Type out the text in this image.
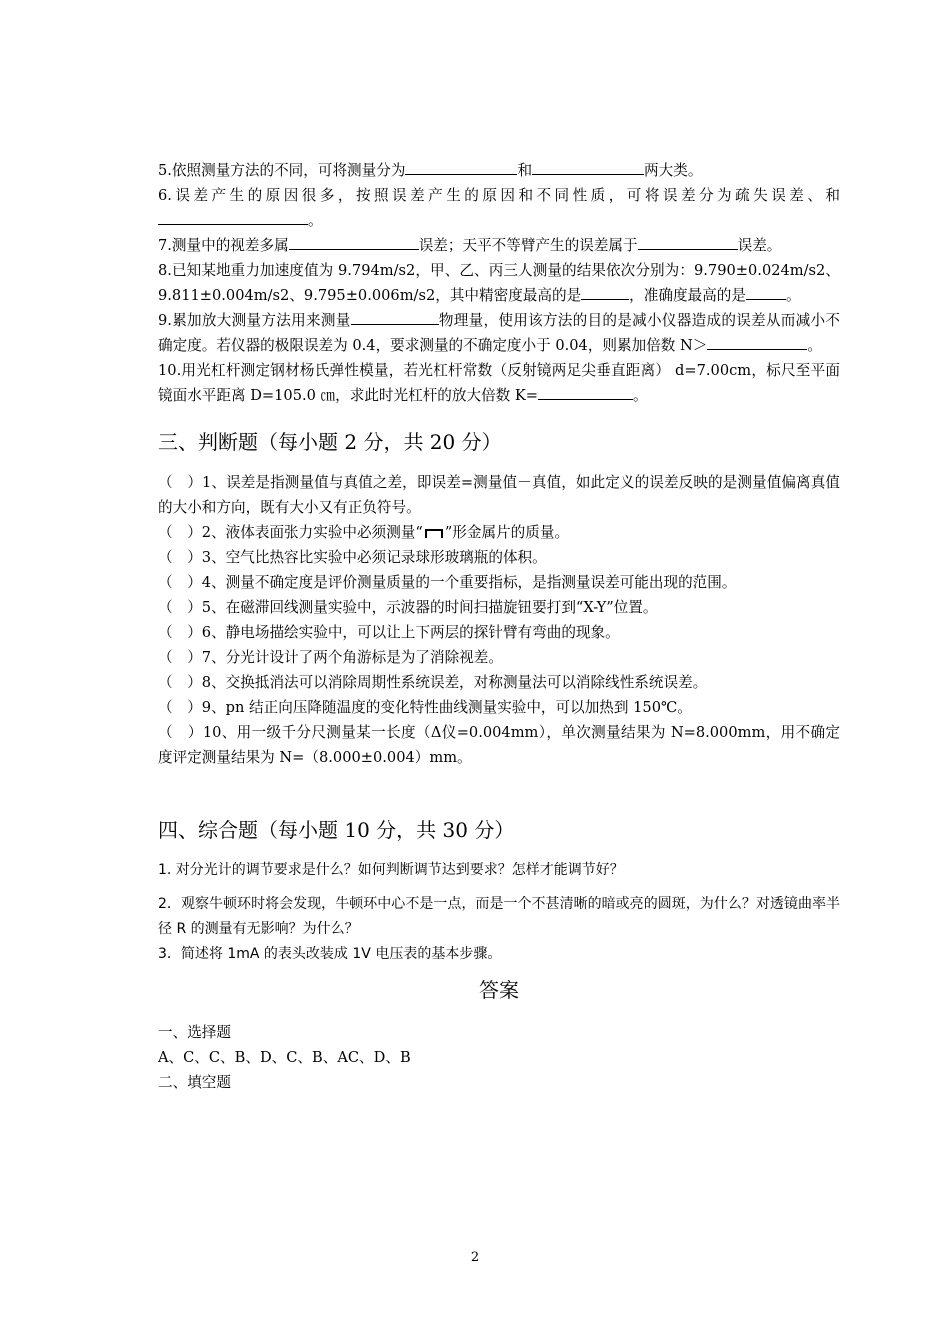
5.依照测量方法的不同，可将测量分为	和	两大类。

6.误差产生的原因很多，按照误差产生的原因和不同性质，可将误差分为疏失误差、和。

7.测量中的视差多属	误差；天平不等臂产生的误差属于	误差。

8.已知某地重力加速度值为 9.794m/s2，甲、乙、丙三人测量的结果依次分别为：9.790±0.024m/s2、9.811±0.004m/s2、9.795±0.006m/s2，其中精密度最高的是	，准确度最高的是	。

9.累加放大测量方法用来测量	物理量，使用该方法的目的是减小仪器造成的误差从而减小不确定度。若仪器的极限误差为 0.4，要求测量的不确定度小于 0.04，则累加倍数 N＞	。

10.用光杠杆测定钢材杨氏弹性模量，若光杠杆常数（反射镜两足尖垂直距离） d=7.00cm，标尺至平面镜面水平距离 D=105.0 ㎝，求此时光杠杆的放大倍数 K=	。

三、判断题（每小题 2 分，共 20 分）

（　）1、误差是指测量值与真值之差，即误差=测量值－真值，如此定义的误差反映的是测量值偏离真值的大小和方向，既有大小又有正负符号。

（　）2、液体表面张力实验中必须测量“ ”形金属片的质量。

（　）3、空气比热容比实验中必须记录球形玻璃瓶的体积。

（　）4、测量不确定度是评价测量质量的一个重要指标，是指测量误差可能出现的范围。

（　）5、在磁滞回线测量实验中，示波器的时间扫描旋钮要打到“X-Y”位置。

（　）6、静电场描绘实验中，可以让上下两层的探针臂有弯曲的现象。

（　）7、分光计设计了两个角游标是为了消除视差。

（　）8、交换抵消法可以消除周期性系统误差，对称测量法可以消除线性系统误差。

（　）9、pn 结正向压降随温度的变化特性曲线测量实验中，可以加热到 150℃。

（　）10、用一级千分尺测量某一长度（Δ仪=0.004mm），单次测量结果为 N=8.000mm，用不确定度评定测量结果为 N=（8.000±0.004）mm。

四、综合题（每小题 10 分，共 30 分）

1. 对分光计的调节要求是什么？如何判断调节达到要求？怎样才能调节好？

2．观察牛顿环时将会发现，牛顿环中心不是一点，而是一个不甚清晰的暗或亮的圆斑，为什么？对透镜曲率半径 R 的测量有无影响？为什么？

3．简述将 1mA 的表头改装成 1V 电压表的基本步骤。

答案

一、选择题

A、C、C、B、D、C、B、AC、D、B

二、填空题

2
